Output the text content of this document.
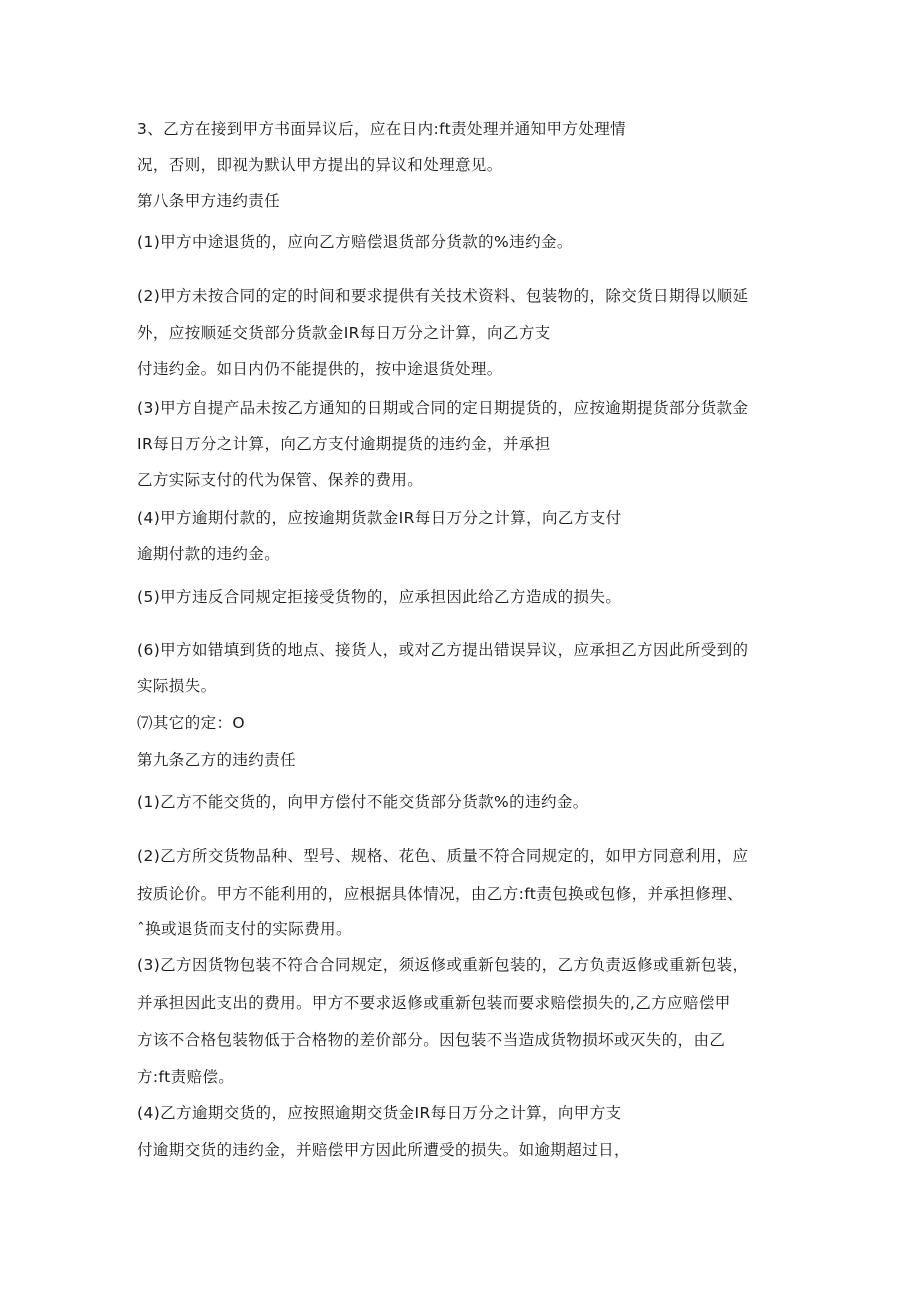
3、乙方在接到甲方书面异议后，应在日内:ft责处理并通知甲方处理情
况，否则，即视为默认甲方提出的异议和处理意见。
第八条甲方违约责任
(1)甲方中途退货的，应向乙方赔偿退货部分货款的%违约金。
(2)甲方未按合同的定的时间和要求提供有关技术资料、包装物的，除交货日期得以顺延
外，应按顺延交货部分货款金IR每日万分之计算，向乙方支
付违约金。如日内仍不能提供的，按中途退货处理。
(3)甲方自提产品未按乙方通知的日期或合同的定日期提货的，应按逾期提货部分货款金
IR每日万分之计算，向乙方支付逾期提货的违约金，并承担
乙方实际支付的代为保管、保养的费用。
(4)甲方逾期付款的，应按逾期货款金IR每日万分之计算，向乙方支付
逾期付款的违约金。
(5)甲方违反合同规定拒接受货物的，应承担因此给乙方造成的损失。
(6)甲方如错填到货的地点、接货人，或对乙方提出错误异议，应承担乙方因此所受到的
实际损失。
⑺其它的定：O
第九条乙方的违约责任
(1)乙方不能交货的，向甲方偿付不能交货部分货款%的违约金。
(2)乙方所交货物品种、型号、规格、花色、质量不符合同规定的，如甲方同意利用，应
按质论价。甲方不能利用的，应根据具体情况，由乙方:ft责包换或包修，并承担修理、
ˆ换或退货而支付的实际费用。
(3)乙方因货物包装不符合合同规定，须返修或重新包装的，乙方负责返修或重新包装，
并承担因此支出的费用。甲方不要求返修或重新包装而要求赔偿损失的,乙方应赔偿甲
方该不合格包装物低于合格物的差价部分。因包装不当造成货物损坏或灭失的，由乙
方:ft责赔偿。
(4)乙方逾期交货的，应按照逾期交货金IR每日万分之计算，向甲方支
付逾期交货的违约金，并赔偿甲方因此所遭受的损失。如逾期超过日，
